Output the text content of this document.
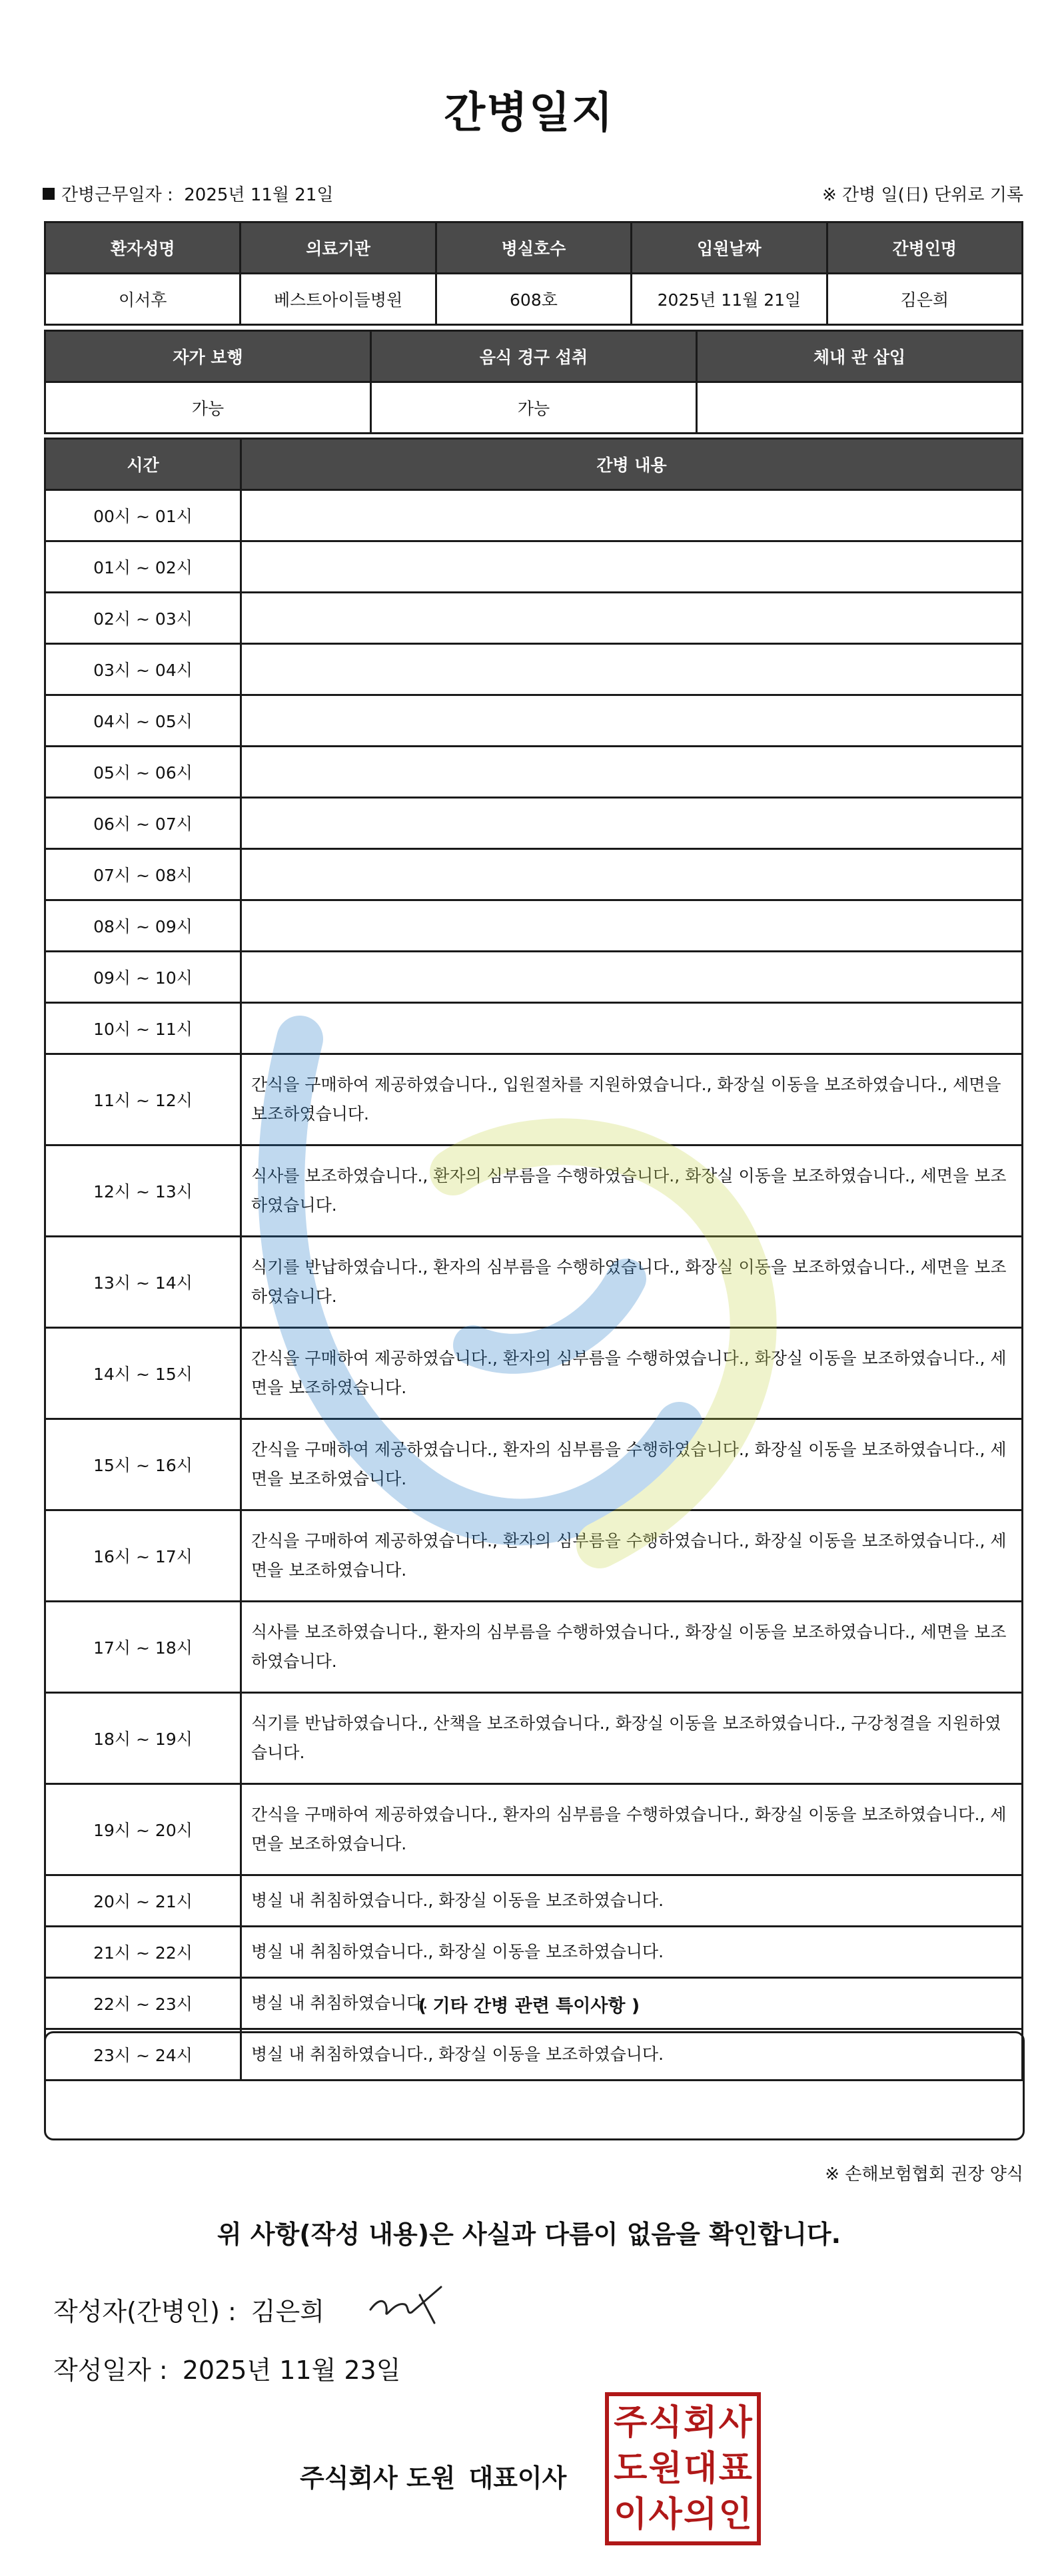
간병일지
간병근무일자 : 2025년 11월 21일	※ 간병 일(日) 단위로 기록
환자성명	의료기관	병실호수	입원날짜	간병인명
이서후	베스트아이들병원	608호	2025년 11월 21일	김은희
자가 보행	음식 경구 섭취	체내 관 삽입
가능	가능	
시간	간병 내용
00시 ~ 01시	
01시 ~ 02시	
02시 ~ 03시	
03시 ~ 04시	
04시 ~ 05시	
05시 ~ 06시	
06시 ~ 07시	
07시 ~ 08시	
08시 ~ 09시	
09시 ~ 10시	
10시 ~ 11시	
11시 ~ 12시	간식을 구매하여 제공하였습니다., 입원절차를 지원하였습니다., 화장실 이동을 보조하였습니다., 세면을 보조하였습니다.
12시 ~ 13시	식사를 보조하였습니다., 환자의 심부름을 수행하였습니다., 화장실 이동을 보조하였습니다., 세면을 보조하였습니다.
13시 ~ 14시	식기를 반납하였습니다., 환자의 심부름을 수행하였습니다., 화장실 이동을 보조하였습니다., 세면을 보조하였습니다.
14시 ~ 15시	간식을 구매하여 제공하였습니다., 환자의 심부름을 수행하였습니다., 화장실 이동을 보조하였습니다., 세면을 보조하였습니다.
15시 ~ 16시	간식을 구매하여 제공하였습니다., 환자의 심부름을 수행하였습니다., 화장실 이동을 보조하였습니다., 세면을 보조하였습니다.
16시 ~ 17시	간식을 구매하여 제공하였습니다., 환자의 심부름을 수행하였습니다., 화장실 이동을 보조하였습니다., 세면을 보조하였습니다.
17시 ~ 18시	식사를 보조하였습니다., 환자의 심부름을 수행하였습니다., 화장실 이동을 보조하였습니다., 세면을 보조하였습니다.
18시 ~ 19시	식기를 반납하였습니다., 산책을 보조하였습니다., 화장실 이동을 보조하였습니다., 구강청결을 지원하였습니다.
19시 ~ 20시	간식을 구매하여 제공하였습니다., 환자의 심부름을 수행하였습니다., 화장실 이동을 보조하였습니다., 세면을 보조하였습니다.
20시 ~ 21시	병실 내 취침하였습니다., 화장실 이동을 보조하였습니다.
21시 ~ 22시	병실 내 취침하였습니다., 화장실 이동을 보조하였습니다.
22시 ~ 23시	병실 내 취침하였습니다.
23시 ~ 24시	병실 내 취침하였습니다., 화장실 이동을 보조하였습니다.
( 기타 간병 관련 특이사항 )
※ 손해보험협회 권장 양식
위 사항(작성 내용)은 사실과 다름이 없음을 확인합니다.
작성자(간병인) : 김은희
작성일자 : 2025년 11월 23일
주식회사 도원 대표이사
주 식 회 사
도 원 대 표
이 사 의 인
